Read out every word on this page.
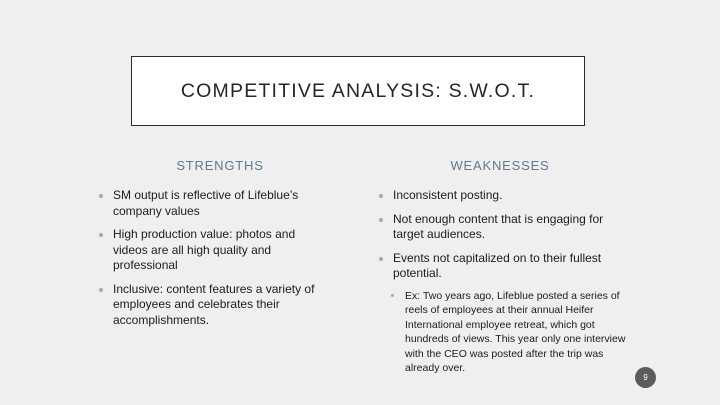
COMPETITIVE ANALYSIS: S.W.O.T.
STRENGTHS	WEAKNESSES
SM output is reflective of Lifeblue’s company values
High production value: photos and videos are all high quality and professional
Inclusive: content features a variety of employees and celebrates their accomplishments.
Inconsistent posting.
Not enough content that is engaging for target audiences.
Events not capitalized on to their fullest potential.
Ex: Two years ago, Lifeblue posted a series of reels of employees at their annual Heifer International employee retreat, which got hundreds of views. This year only one interview with the CEO was posted after the trip was already over.
9
